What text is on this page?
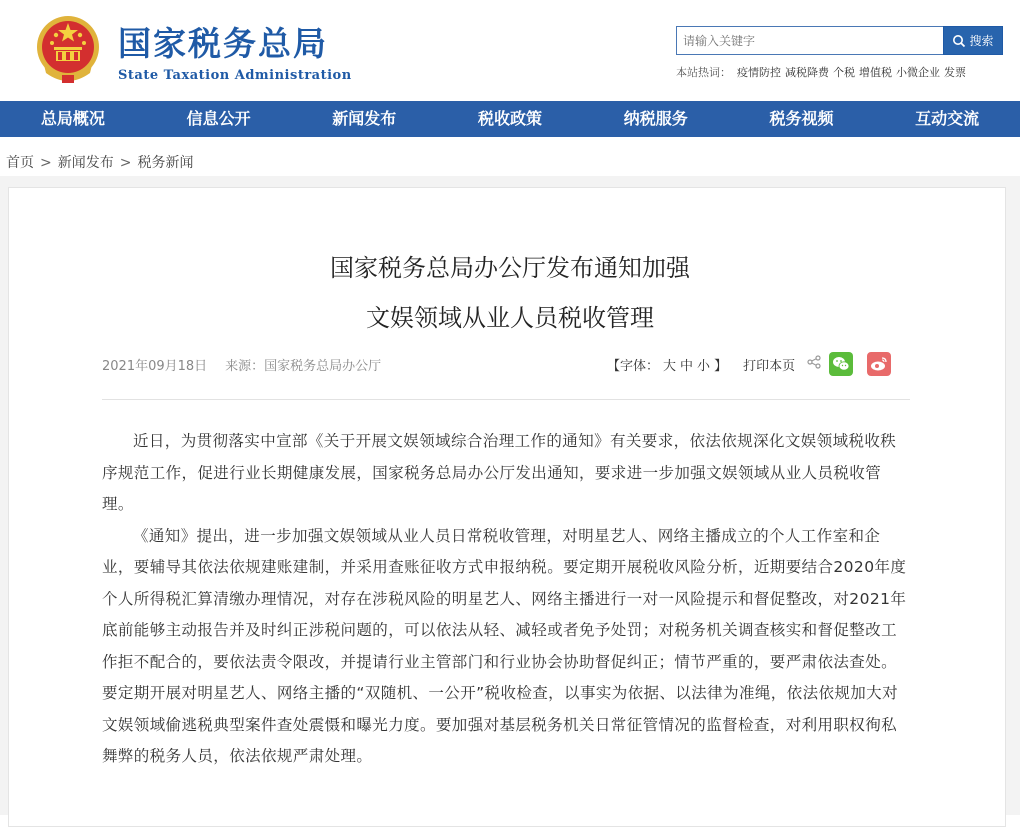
国家税务总局
State Taxation Administration
请输入关键字
搜索
本站热词： 疫情防控 减税降费 个税 增值税 小微企业 发票
总局概况	信息公开	新闻发布	税收政策	纳税服务	税务视频	互动交流
首页 > 新闻发布 > 税务新闻
国家税务总局办公厅发布通知加强
文娱领域从业人员税收管理
2021年09月18日 来源：国家税务总局办公厅	【字体： 大 中 小 】 打印本页

近日，为贯彻落实中宣部《关于开展文娱领域综合治理工作的通知》有关要求，依法依规深化文娱领域税收秩序规范工作，促进行业长期健康发展，国家税务总局办公厅发出通知，要求进一步加强文娱领域从业人员税收管理。

《通知》提出，进一步加强文娱领域从业人员日常税收管理，对明星艺人、网络主播成立的个人工作室和企业，要辅导其依法依规建账建制，并采用查账征收方式申报纳税。要定期开展税收风险分析，近期要结合2020年度个人所得税汇算清缴办理情况，对存在涉税风险的明星艺人、网络主播进行一对一风险提示和督促整改，对2021年底前能够主动报告并及时纠正涉税问题的，可以依法从轻、减轻或者免予处罚；对税务机关调查核实和督促整改工作拒不配合的，要依法责令限改，并提请行业主管部门和行业协会协助督促纠正；情节严重的，要严肃依法查处。要定期开展对明星艺人、网络主播的“双随机、一公开”税收检查，以事实为依据、以法律为准绳，依法依规加大对文娱领域偷逃税典型案件查处震慑和曝光力度。要加强对基层税务机关日常征管情况的监督检查，对利用职权徇私舞弊的税务人员，依法依规严肃处理。
